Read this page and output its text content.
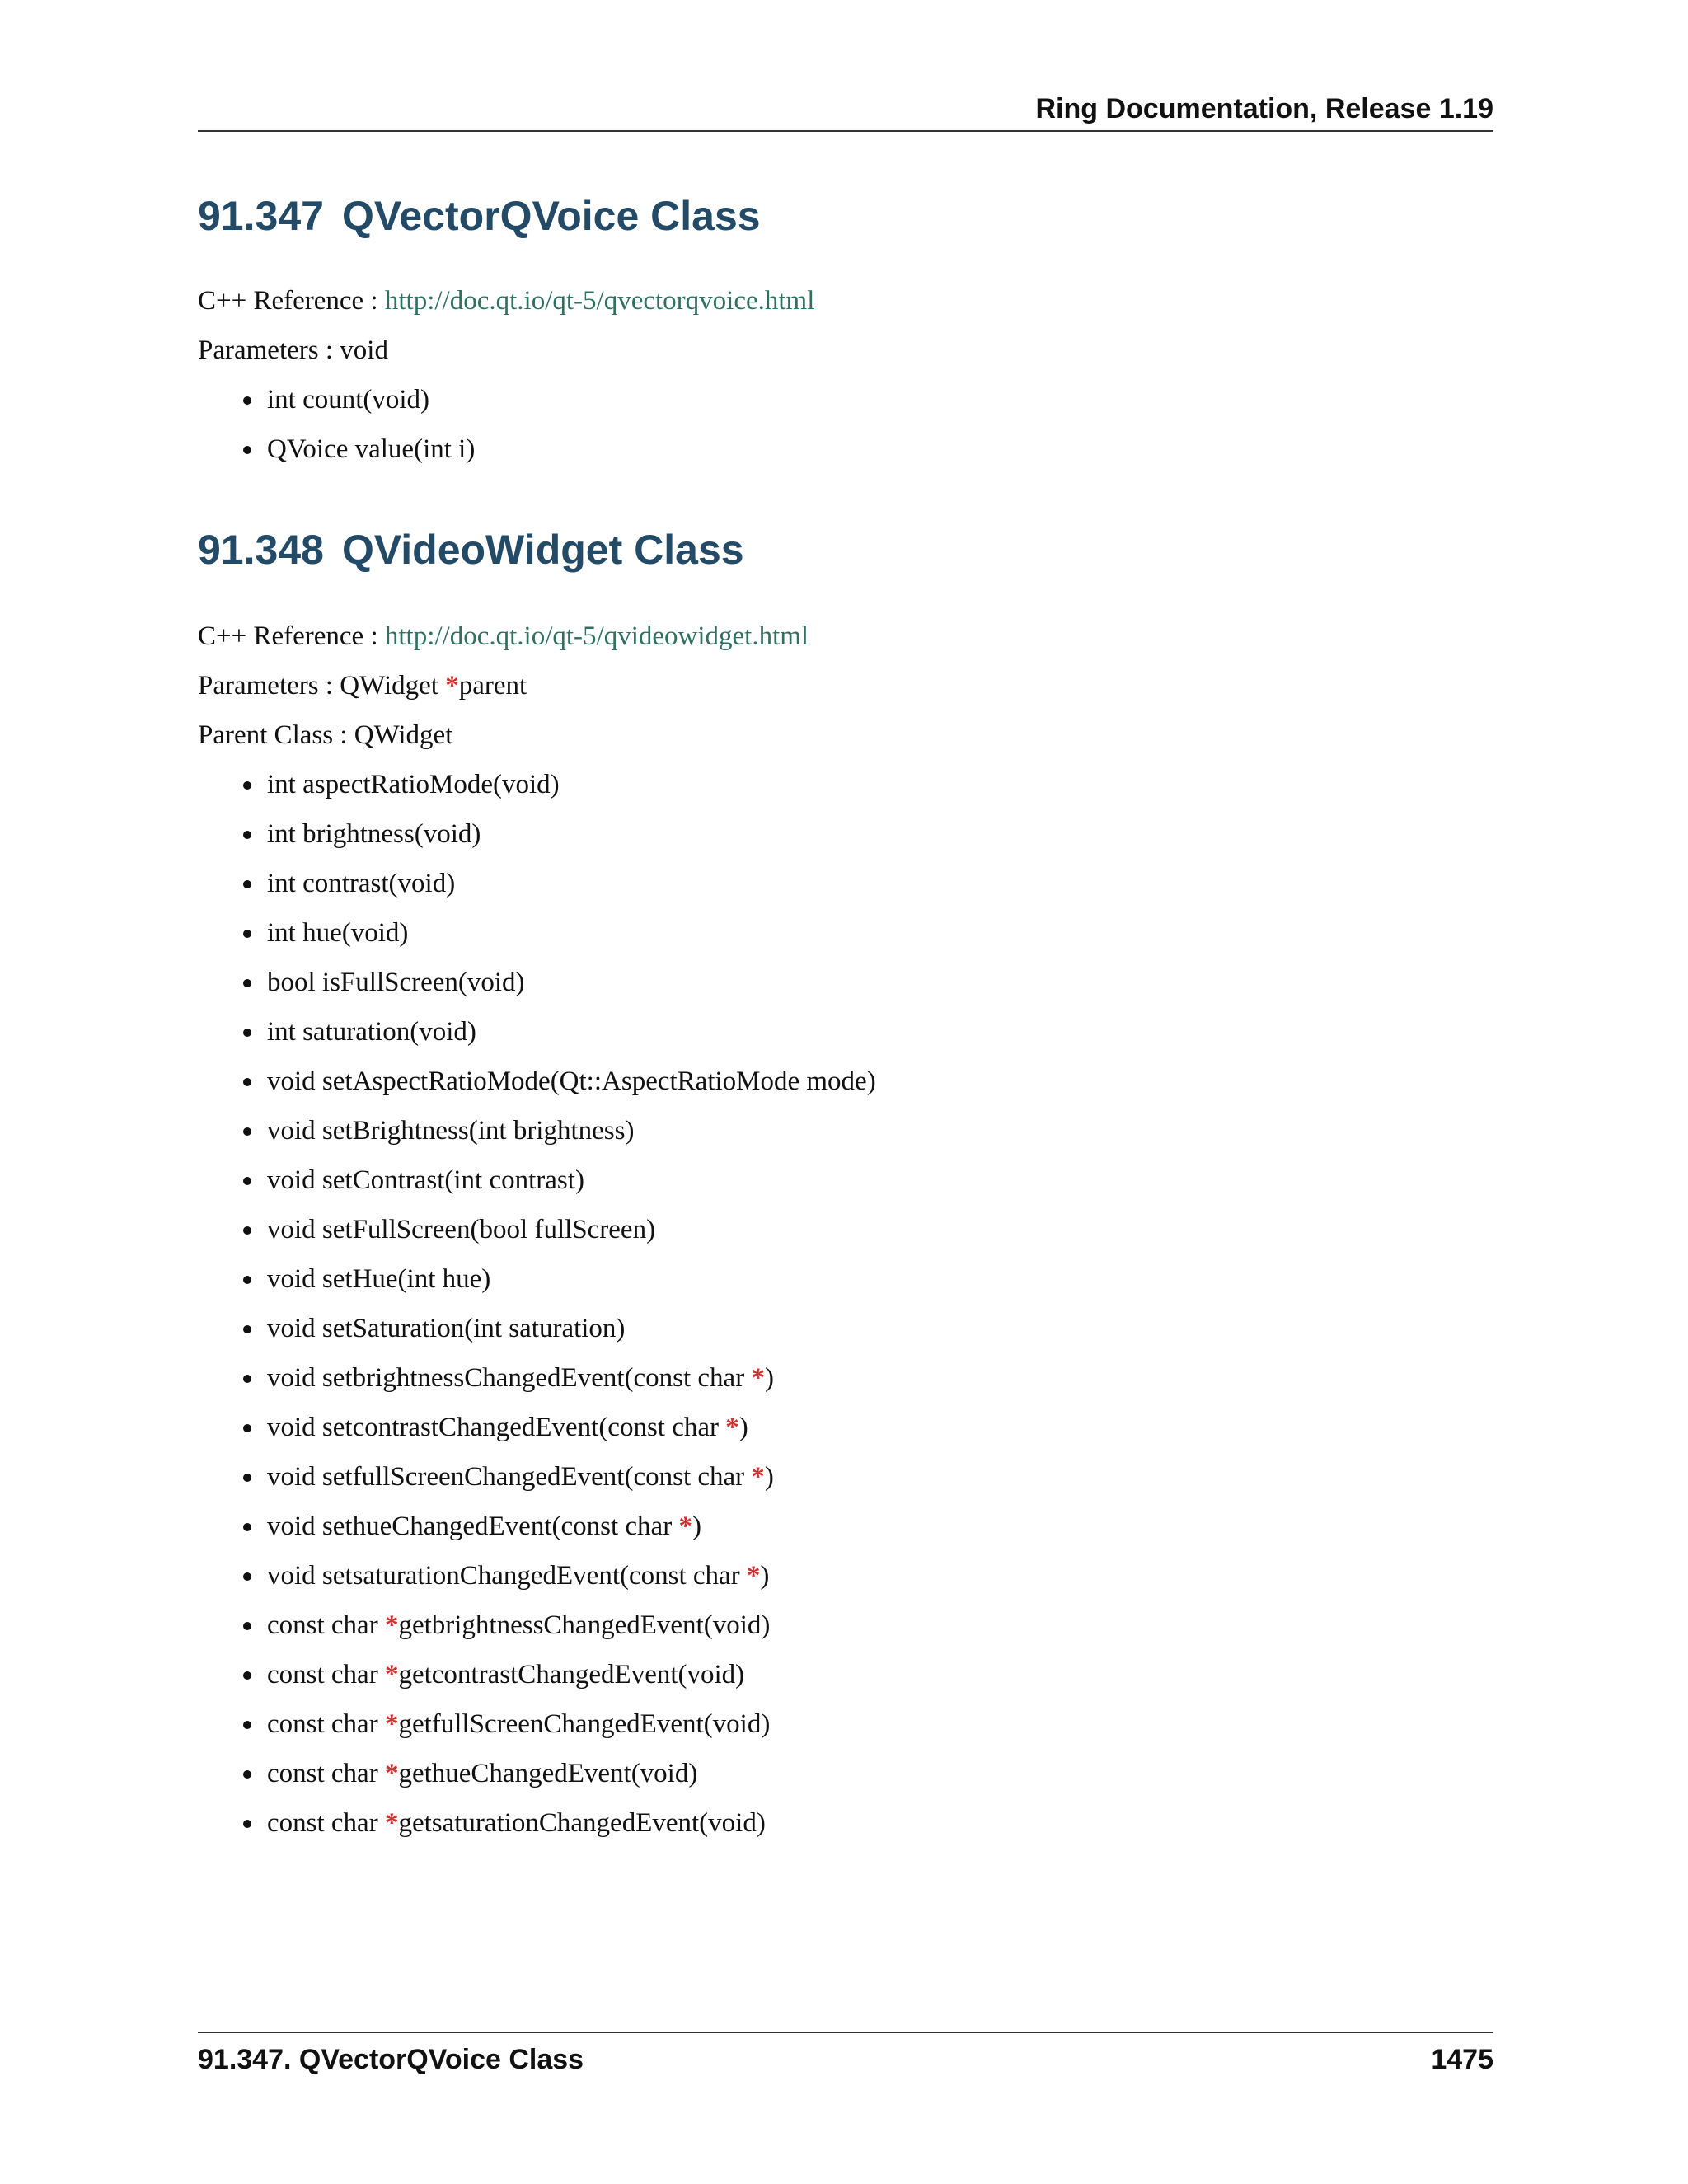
Ring Documentation, Release 1.19
91.347 QVectorQVoice Class

C++ Reference : http://doc.qt.io/qt-5/qvectorqvoice.html

Parameters : void

int count(void)
QVoice value(int i)
91.348 QVideoWidget Class

C++ Reference : http://doc.qt.io/qt-5/qvideowidget.html

Parameters : QWidget *parent

Parent Class : QWidget

int aspectRatioMode(void)
int brightness(void)
int contrast(void)
int hue(void)
bool isFullScreen(void)
int saturation(void)
void setAspectRatioMode(Qt::AspectRatioMode mode)
void setBrightness(int brightness)
void setContrast(int contrast)
void setFullScreen(bool fullScreen)
void setHue(int hue)
void setSaturation(int saturation)
void setbrightnessChangedEvent(const char *)
void setcontrastChangedEvent(const char *)
void setfullScreenChangedEvent(const char *)
void sethueChangedEvent(const char *)
void setsaturationChangedEvent(const char *)
const char *getbrightnessChangedEvent(void)
const char *getcontrastChangedEvent(void)
const char *getfullScreenChangedEvent(void)
const char *gethueChangedEvent(void)
const char *getsaturationChangedEvent(void)
91.347. QVectorQVoice Class	1475
